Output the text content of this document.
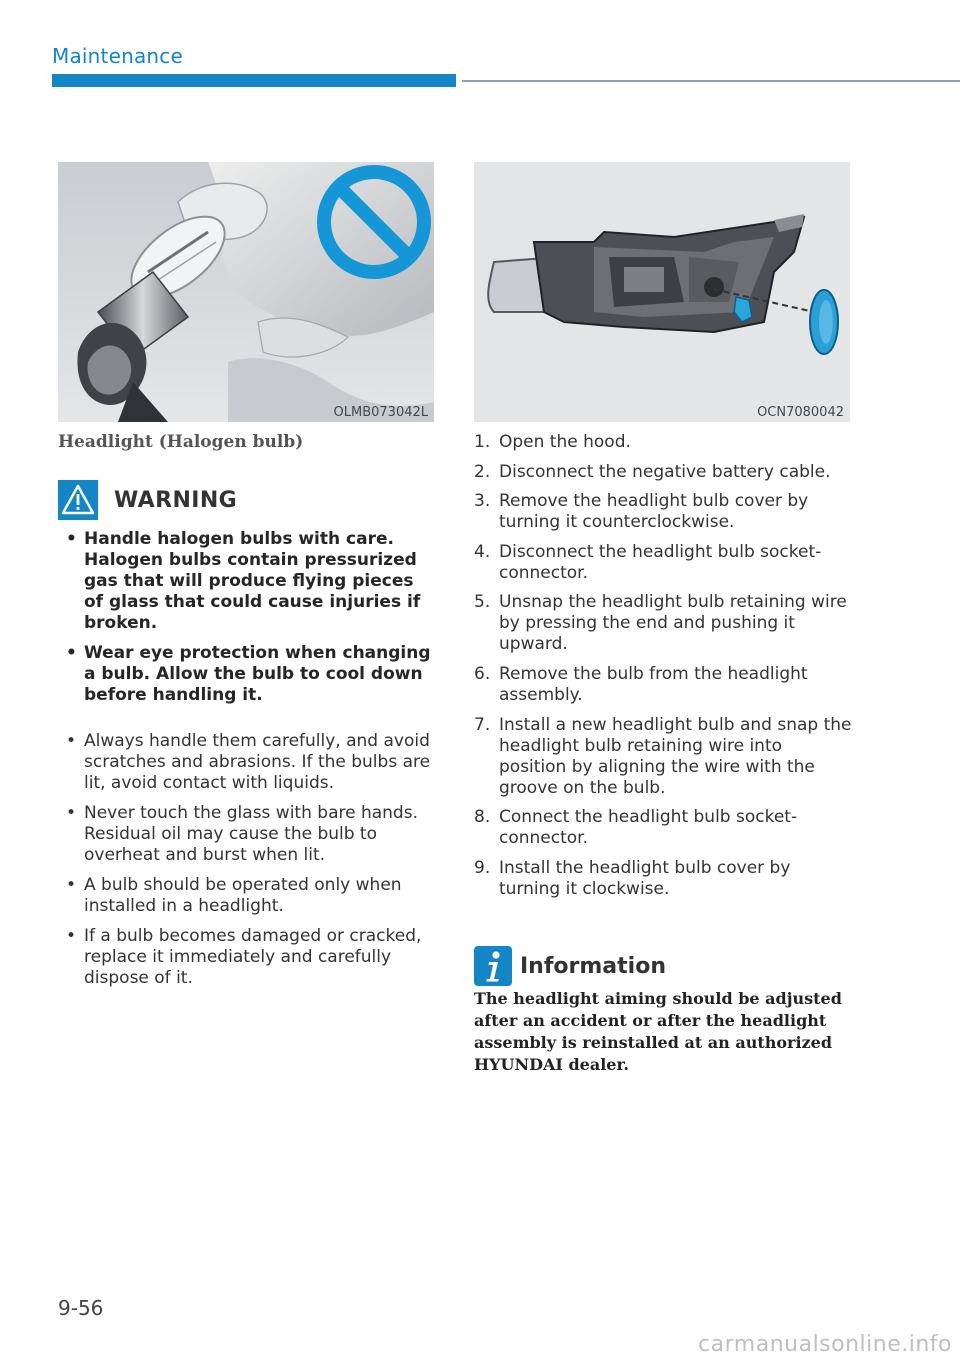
Maintenance
OLMB073042L	OCN7080042
Headlight (Halogen bulb)
WARNING
• Handle halogen bulbs with care. Halogen bulbs contain pressurized gas that will produce flying pieces of glass that could cause injuries if broken.
• Wear eye protection when changing a bulb. Allow the bulb to cool down before handling it.
• Always handle them carefully, and avoid scratches and abrasions. If the bulbs are lit, avoid contact with liquids.
• Never touch the glass with bare hands. Residual oil may cause the bulb to overheat and burst when lit.
• A bulb should be operated only when installed in a headlight.
• If a bulb becomes damaged or cracked, replace it immediately and carefully dispose of it.
1. Open the hood.
2. Disconnect the negative battery cable.
3. Remove the headlight bulb cover by turning it counterclockwise.
4. Disconnect the headlight bulb socket-connector.
5. Unsnap the headlight bulb retaining wire by pressing the end and pushing it upward.
6. Remove the bulb from the headlight assembly.
7. Install a new headlight bulb and snap the headlight bulb retaining wire into position by aligning the wire with the groove on the bulb.
8. Connect the headlight bulb socket-connector.
9. Install the headlight bulb cover by turning it clockwise.
Information
The headlight aiming should be adjusted after an accident or after the headlight assembly is reinstalled at an authorized HYUNDAI dealer.
9-56
carmanualsonline.info
